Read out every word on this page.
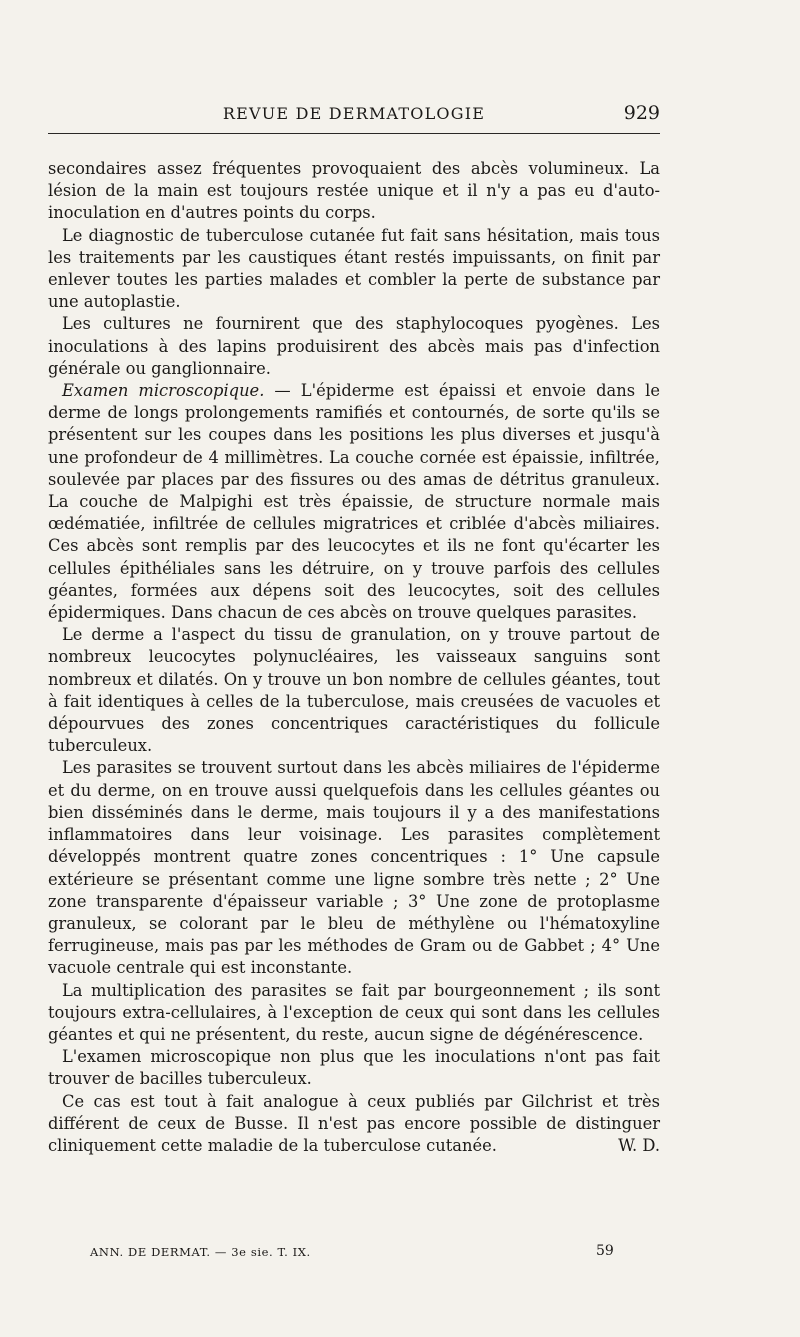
REVUE DE DERMATOLOGIE	929

secondaires assez fréquentes provoquaient des abcès volumineux. La lésion de la main est toujours restée unique et il n'y a pas eu d'auto-inoculation en d'autres points du corps.

Le diagnostic de tuberculose cutanée fut fait sans hésitation, mais tous les traitements par les caustiques étant restés impuissants, on finit par enlever toutes les parties malades et combler la perte de substance par une autoplastie.

Les cultures ne fournirent que des staphylocoques pyogènes. Les inoculations à des lapins produisirent des abcès mais pas d'infection générale ou ganglionnaire.

Examen microscopique. — L'épiderme est épaissi et envoie dans le derme de longs prolongements ramifiés et contournés, de sorte qu'ils se présentent sur les coupes dans les positions les plus diverses et jusqu'à une profondeur de 4 millimètres. La couche cornée est épaissie, infiltrée, soulevée par places par des fissures ou des amas de détritus granuleux. La couche de Malpighi est très épaissie, de structure normale mais œdématiée, infiltrée de cellules migratrices et criblée d'abcès miliaires. Ces abcès sont remplis par des leucocytes et ils ne font qu'écarter les cellules épithéliales sans les détruire, on y trouve parfois des cellules géantes, formées aux dépens soit des leucocytes, soit des cellules épidermiques. Dans chacun de ces abcès on trouve quelques parasites.

Le derme a l'aspect du tissu de granulation, on y trouve partout de nombreux leucocytes polynucléaires, les vaisseaux sanguins sont nombreux et dilatés. On y trouve un bon nombre de cellules géantes, tout à fait identiques à celles de la tuberculose, mais creusées de vacuoles et dépourvues des zones concentriques caractéristiques du follicule tuberculeux.

Les parasites se trouvent surtout dans les abcès miliaires de l'épiderme et du derme, on en trouve aussi quelquefois dans les cellules géantes ou bien disséminés dans le derme, mais toujours il y a des manifestations inflammatoires dans leur voisinage. Les parasites complètement développés montrent quatre zones concentriques : 1° Une capsule extérieure se présentant comme une ligne sombre très nette ; 2° Une zone transparente d'épaisseur variable ; 3° Une zone de protoplasme granuleux, se colorant par le bleu de méthylène ou l'hématoxyline ferrugineuse, mais pas par les méthodes de Gram ou de Gabbet ; 4° Une vacuole centrale qui est inconstante.

La multiplication des parasites se fait par bourgeonnement ; ils sont toujours extra-cellulaires, à l'exception de ceux qui sont dans les cellules géantes et qui ne présentent, du reste, aucun signe de dégénérescence.

L'examen microscopique non plus que les inoculations n'ont pas fait trouver de bacilles tuberculeux.

Ce cas est tout à fait analogue à ceux publiés par Gilchrist et très différent de ceux de Busse. Il n'est pas encore possible de distinguer cliniquement cette maladie de la tuberculose cutanée.	W. D.

ANN. DE DERMAT. — 3e sie. T. IX.	59
